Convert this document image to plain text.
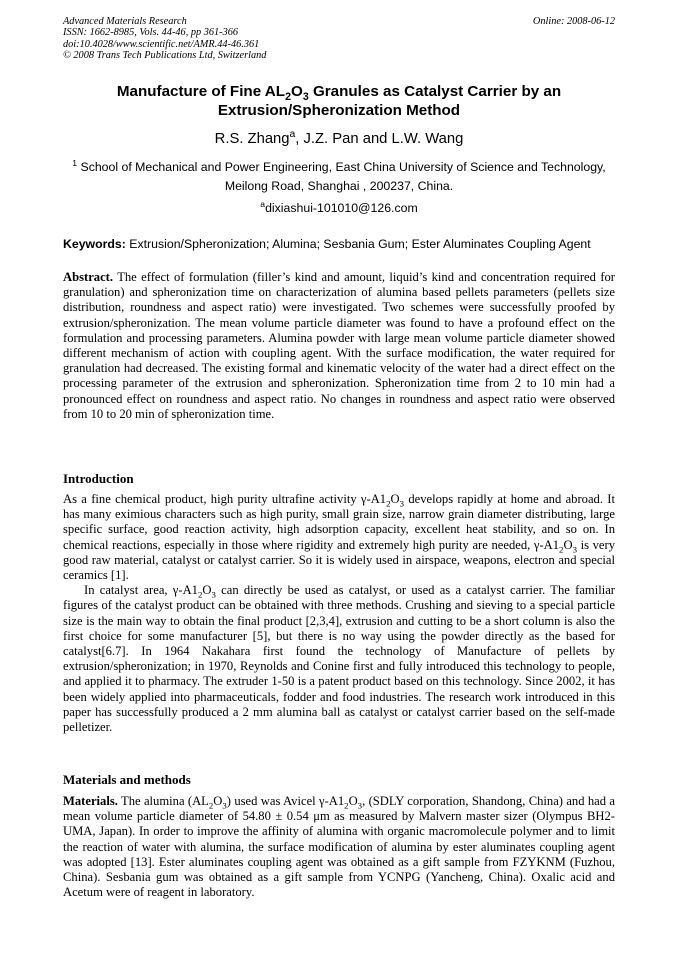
Advanced Materials Research
ISSN: 1662-8985, Vols. 44-46, pp 361-366
doi:10.4028/www.scientific.net/AMR.44-46.361
© 2008 Trans Tech Publications Ltd, Switzerland
Online: 2008-06-12
Manufacture of Fine $AL_2O_3$ Granules as Catalyst Carrier by an
Extrusion/Spheronization Method
R.S. Zhang$^a$, J.Z. Pan and L.W. Wang
$^1$ School of Mechanical and Power Engineering, East China University of Science and Technology,
Meilong Road, Shanghai , 200237, China.
$^a$dixiashui-101010@126.com
Keywords: Extrusion/Spheronization; Alumina; Sesbania Gum; Ester Aluminates Coupling Agent
Abstract. The effect of formulation (filler’s kind and amount, liquid’s kind and concentration required for granulation) and spheronization time on characterization of alumina based pellets parameters (pellets size distribution, roundness and aspect ratio) were investigated. Two schemes were successfully proofed by extrusion/spheronization. The mean volume particle diameter was found to have a profound effect on the formulation and processing parameters. Alumina powder with large mean volume particle diameter showed different mechanism of action with coupling agent. With the surface modification, the water required for granulation had decreased. The existing formal and kinematic velocity of the water had a direct effect on the processing parameter of the extrusion and spheronization. Spheronization time from 2 to 10 min had a pronounced effect on roundness and aspect ratio. No changes in roundness and aspect ratio were observed from 10 to 20 min of spheronization time.
Introduction

As a fine chemical product, high purity ultrafine activity $\gamma-A1_2O_3$ develops rapidly at home and abroad. It has many eximious characters such as high purity, small grain size, narrow grain diameter distributing, large specific surface, good reaction activity, high adsorption capacity, excellent heat stability, and so on. In chemical reactions, especially in those where rigidity and extremely high purity are needed, $\gamma-A1_2O_3$ is very good raw material, catalyst or catalyst carrier. So it is widely used in airspace, weapons, electron and special ceramics [1].

In catalyst area, $\gamma-A1_2O_3$ can directly be used as catalyst, or used as a catalyst carrier. The familiar figures of the catalyst product can be obtained with three methods. Crushing and sieving to a special particle size is the main way to obtain the final product [2,3,4], extrusion and cutting to be a short column is also the first choice for some manufacturer [5], but there is no way using the powder directly as the based for catalyst[6.7]. In 1964 Nakahara first found the technology of Manufacture of pellets by extrusion/spheronization; in 1970, Reynolds and Conine first and fully introduced this technology to people, and applied it to pharmacy. The extruder 1-50 is a patent product based on this technology. Since 2002, it has been widely applied into pharmaceuticals, fodder and food industries. The research work introduced in this paper has successfully produced a 2 mm alumina ball as catalyst or catalyst carrier based on the self-made pelletizer.

Materials and methods
Materials. The alumina $(AL_2O_3)$ used was Avicel $\gamma-A1_2O_3$, (SDLY corporation, Shandong, China) and had a mean volume particle diameter of 54.80 ± 0.54 μm as measured by Malvern master sizer (Olympus BH2-UMA, Japan). In order to improve the affinity of alumina with organic macromolecule polymer and to limit the reaction of water with alumina, the surface modification of alumina by ester aluminates coupling agent was adopted [13]. Ester aluminates coupling agent was obtained as a gift sample from FZYKNM (Fuzhou, China). Sesbania gum was obtained as a gift sample from YCNPG (Yancheng, China). Oxalic acid and Acetum were of reagent in laboratory.
